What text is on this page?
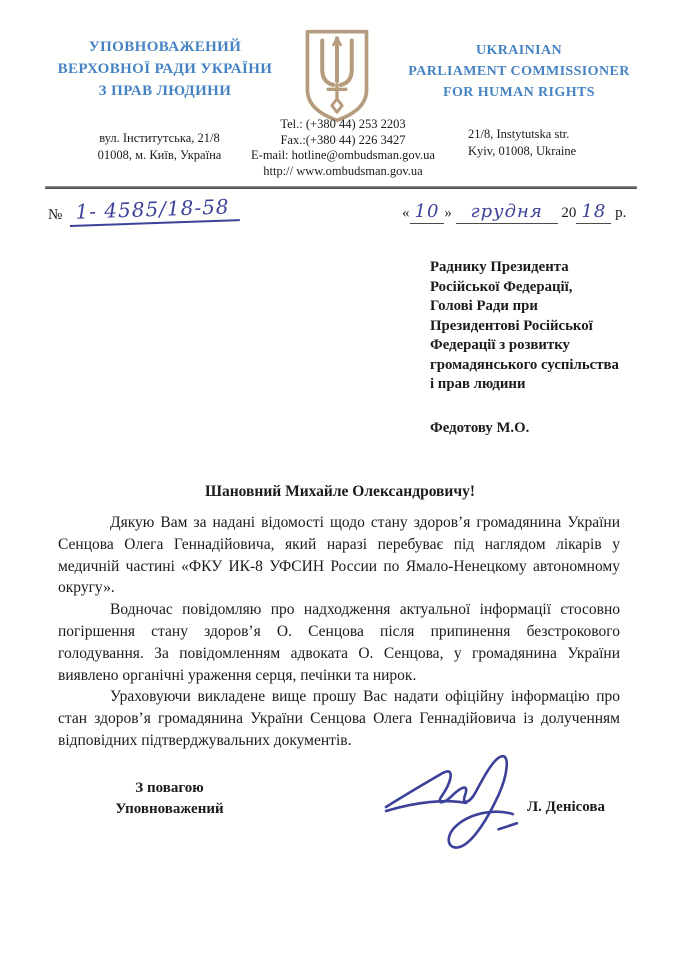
УПОВНОВАЖЕНИЙ
ВЕРХОВНОЇ РАДИ УКРАЇНИ
З ПРАВ ЛЮДИНИ
UKRAINIAN
PARLIAMENT COMMISSIONER
FOR HUMAN RIGHTS
вул. Інститутська, 21/8
01008, м. Київ, Україна
Tel.: (+380 44) 253 2203
Fax.:(+380 44) 226 3427
E-mail: hotline@ombudsman.gov.ua
http:// www.ombudsman.gov.ua
21/8, Instytutska str.
Kyiv, 01008, Ukraine
№ 1- 4585/18-58	« 10 » грудня 20 18 р.
Раднику Президента
Російської Федерації,
Голові Ради при
Президентові Російської
Федерації з розвитку
громадянського суспільства
і прав людини
Федотову М.О.
Шановний Михайле Олександровичу!

Дякую Вам за надані відомості щодо стану здоров’я громадянина України Сенцова Олега Геннадійовича, який наразі перебуває під наглядом лікарів у медичній частині «ФКУ ИК-8 УФСИН России по Ямало-Ненецкому автономному округу».

Водночас повідомляю про надходження актуальної інформації стосовно погіршення стану здоров’я О. Сенцова після припинення безстрокового голодування. За повідомленням адвоката О. Сенцова, у громадянина України виявлено органічні ураження серця, печінки та нирок.

Ураховуючи викладене вище прошу Вас надати офіційну інформацію про стан здоров’я громадянина України Сенцова Олега Геннадійовича із долученням відповідних підтверджувальних документів.

З повагою
Уповноважений	Л. Денісова
